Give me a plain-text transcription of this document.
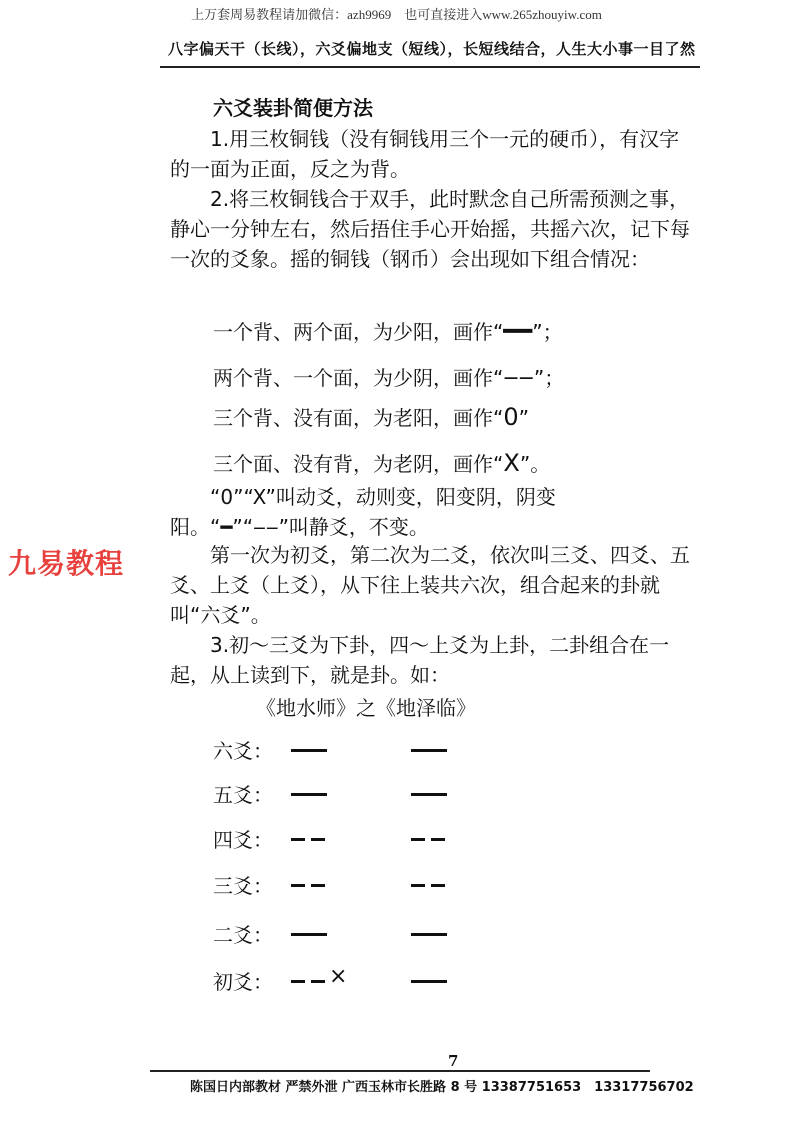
上万套周易教程请加微信：azh9969　也可直接进入www.265zhouyiw.com
八字偏天干（长线），六爻偏地支（短线），长短线结合，人生大小事一目了然
六爻装卦简便方法
1.用三枚铜钱（没有铜钱用三个一元的硬币），有汉字的一面为正面，反之为背。
2.将三枚铜钱合于双手，此时默念自己所需预测之事，静心一分钟左右，然后捂住手心开始摇，共摇六次，记下每一次的爻象。摇的铜钱（钢币）会出现如下组合情况：
一个背、两个面，为少阳，画作“━━”；
两个背、一个面，为少阴，画作“‒‒”；
三个背、没有面，为老阳，画作“0”
三个面、没有背，为老阴，画作“X”。
“0”“X”叫动爻，动则变，阳变阴，阴变阳。“━”“‒‒”叫静爻，不变。
九易教程	第一次为初爻，第二次为二爻，依次叫三爻、四爻、五爻、上爻（上爻），从下往上装共六次，组合起来的卦就叫“六爻”。
3.初～三爻为下卦，四～上爻为上卦，二卦组合在一起，从上读到下，就是卦。如：
《地水师》之《地泽临》
六爻：
五爻：
四爻：
三爻：
二爻：
初爻：	×
7
陈国日内部教材 严禁外泄 广西玉林市长胜路 8 号 13387751653　13317756702
